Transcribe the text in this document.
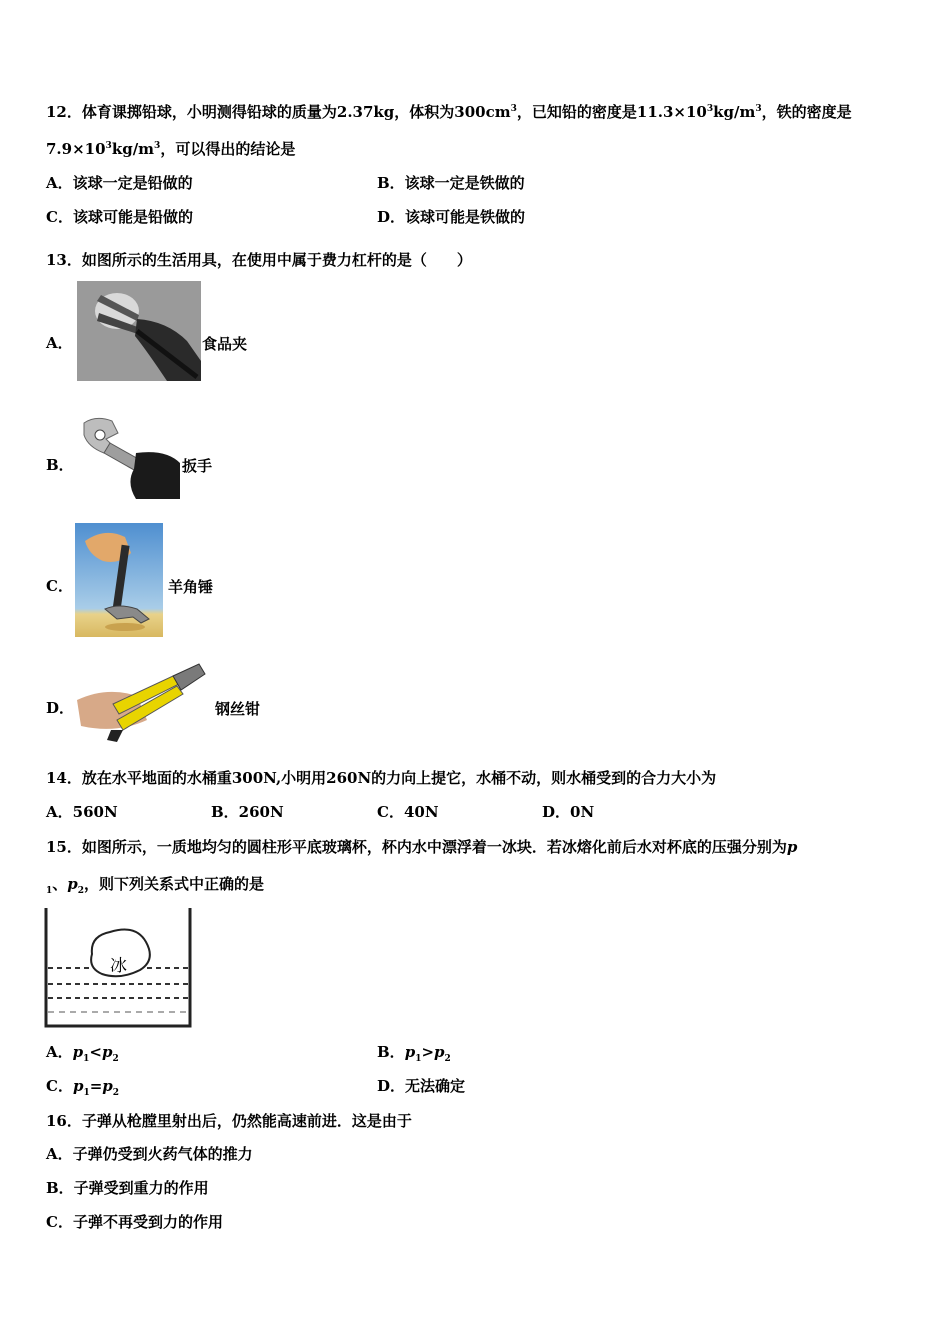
12．体育课掷铅球，小明测得铅球的质量为2.37kg，体积为$300cm^3$，已知铅的密度是$11.3\times 10^3kg/m^3$，铁的密度是
$7.9\times 10^3kg/m^3$，可以得出的结论是
A．该球一定是铅做的	B．该球一定是铁做的
C．该球可能是铅做的	D．该球可能是铁做的
13．如图所示的生活用具，在使用中属于费力杠杆的是（　　）
A．	食品夹
B．	扳手
C．	羊角锤
D．	钢丝钳
14．放在水平地面的水桶重300N,小明用260N的力向上提它，水桶不动，则水桶受到的合力大小为
A．560N	B．260N	C．40N	D．0N
15．如图所示，一质地均匀的圆柱形平底玻璃杯，杯内水中漂浮着一冰块．若冰熔化前后水对杯底的压强分别为p
$_1$、$p_2$，则下列关系式中正确的是
冰
A．$p_1<p_2$	B．$p_1>p_2$
C．$p_1=p_2$	D．无法确定
16．子弹从枪膛里射出后，仍然能高速前进．这是由于
A．子弹仍受到火药气体的推力
B．子弹受到重力的作用
C．子弹不再受到力的作用
